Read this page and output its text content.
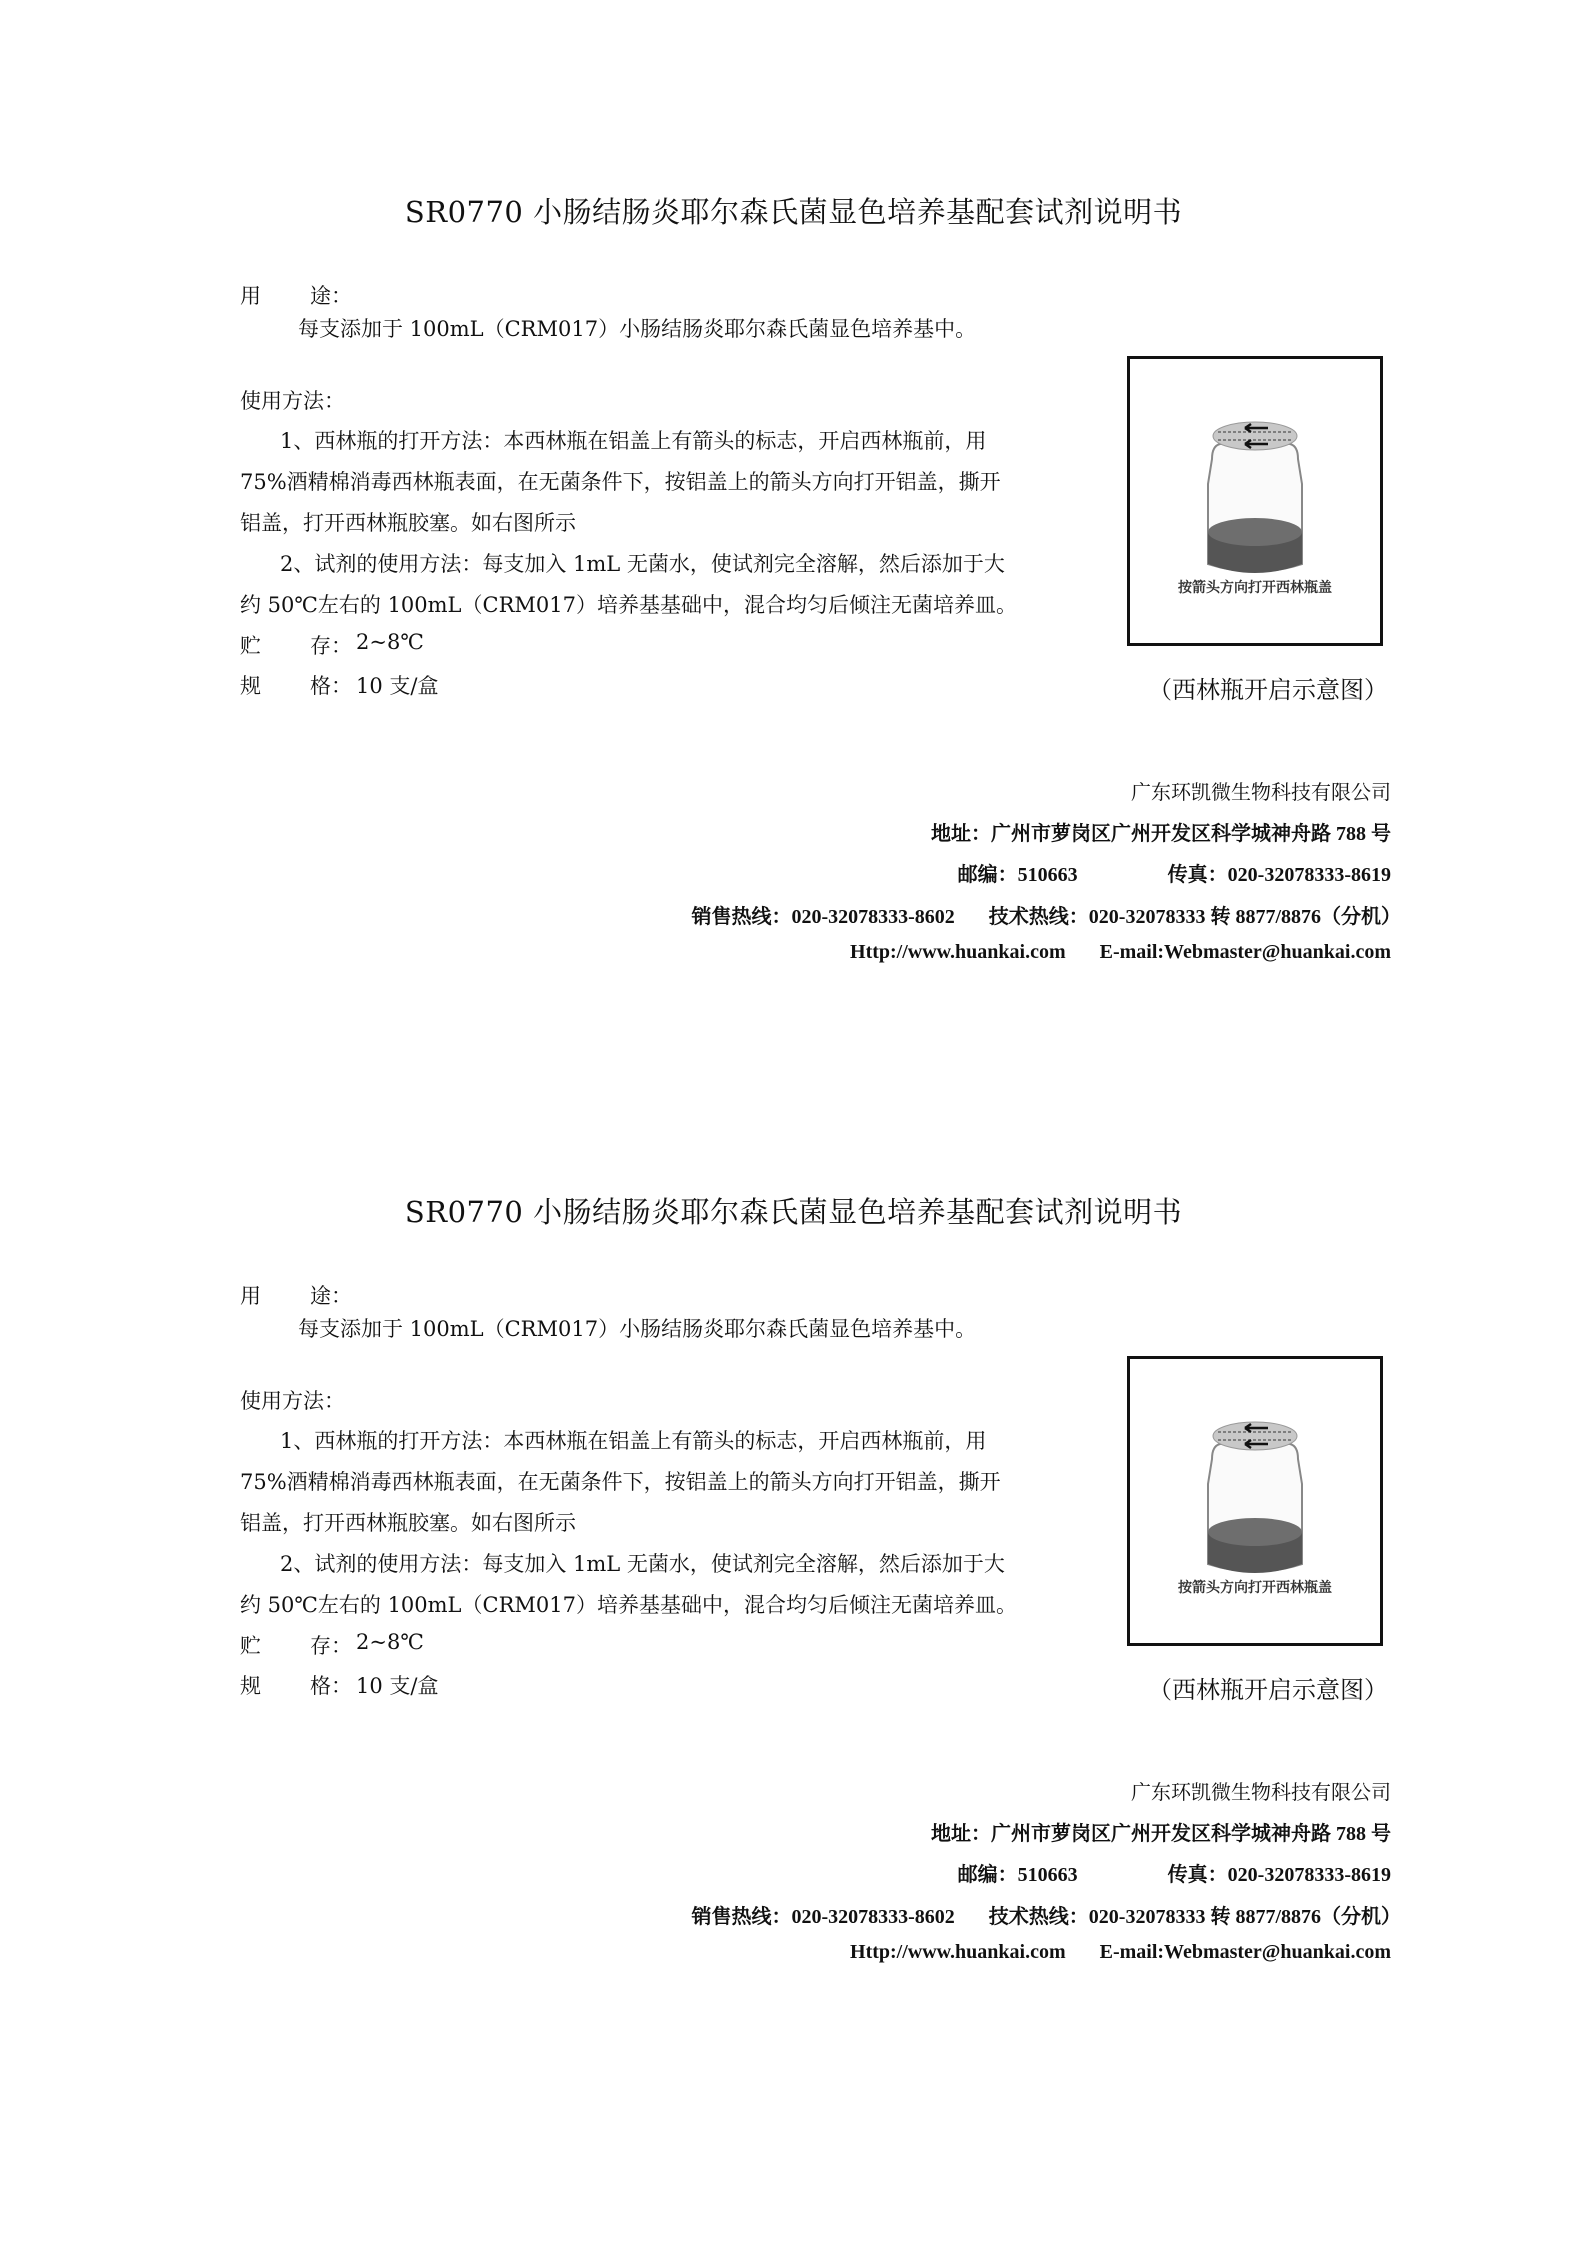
SR0770 小肠结肠炎耶尔森氏菌显色培养基配套试剂说明书
用 途：
每支添加于 100mL（CRM017）小肠结肠炎耶尔森氏菌显色培养基中。
使用方法：
1、西林瓶的打开方法：本西林瓶在铝盖上有箭头的标志，开启西林瓶前，用
75%酒精棉消毒西林瓶表面，在无菌条件下，按铝盖上的箭头方向打开铝盖，撕开
铝盖，打开西林瓶胶塞。如右图所示
2、试剂的使用方法：每支加入 1mL 无菌水，使试剂完全溶解，然后添加于大
约 50℃左右的 100mL（CRM017）培养基基础中，混合均匀后倾注无菌培养皿。
贮 存： 2~8℃
规 格： 10 支/盒
按箭头方向打开西林瓶盖
（西林瓶开启示意图）
广东环凯微生物科技有限公司
地址：广州市萝岗区广州开发区科学城神舟路 788 号
邮编：510663	传真：020-32078333-8619
销售热线：020-32078333-8602 技术热线：020-32078333 转 8877/8876（分机）
Http://www.huankai.com E-mail:Webmaster@huankai.com
SR0770 小肠结肠炎耶尔森氏菌显色培养基配套试剂说明书
用 途：
每支添加于 100mL（CRM017）小肠结肠炎耶尔森氏菌显色培养基中。
使用方法：
1、西林瓶的打开方法：本西林瓶在铝盖上有箭头的标志，开启西林瓶前，用
75%酒精棉消毒西林瓶表面，在无菌条件下，按铝盖上的箭头方向打开铝盖，撕开
铝盖，打开西林瓶胶塞。如右图所示
2、试剂的使用方法：每支加入 1mL 无菌水，使试剂完全溶解，然后添加于大
约 50℃左右的 100mL（CRM017）培养基基础中，混合均匀后倾注无菌培养皿。
贮 存： 2~8℃
规 格： 10 支/盒
按箭头方向打开西林瓶盖
（西林瓶开启示意图）
广东环凯微生物科技有限公司
地址：广州市萝岗区广州开发区科学城神舟路 788 号
邮编：510663	传真：020-32078333-8619
销售热线：020-32078333-8602 技术热线：020-32078333 转 8877/8876（分机）
Http://www.huankai.com E-mail:Webmaster@huankai.com
